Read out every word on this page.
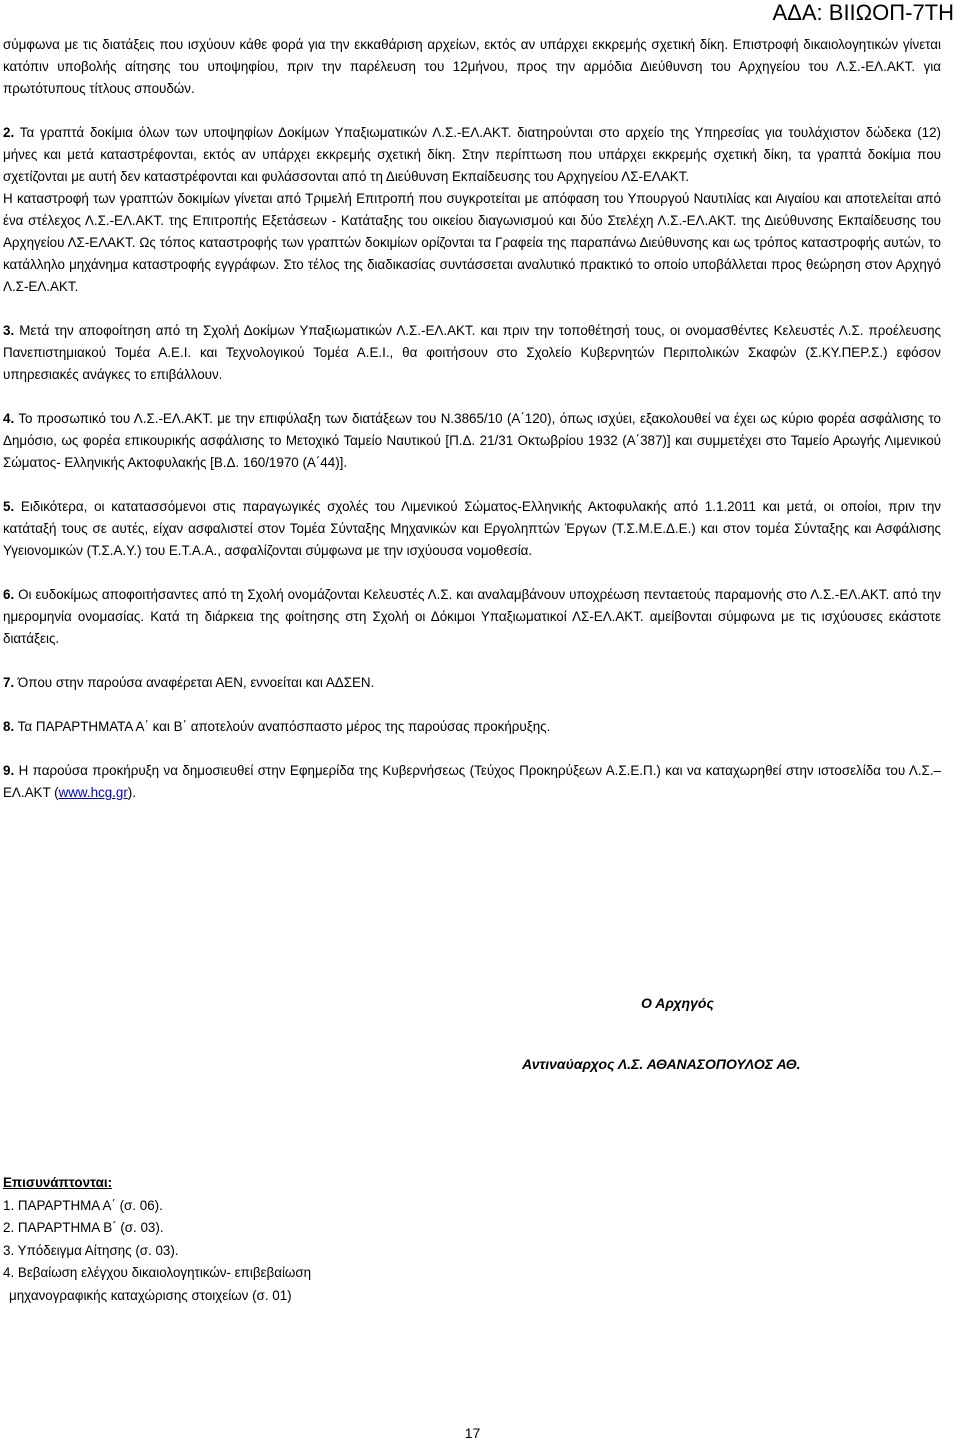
ΑΔΑ: ΒΙΙΩΟΠ-7ΤΗ

σύμφωνα με τις διατάξεις που ισχύουν κάθε φορά για την εκκαθάριση αρχείων, εκτός αν υπάρχει εκκρεμής σχετική δίκη. Επιστροφή δικαιολογητικών γίνεται κατόπιν υποβολής αίτησης του υποψηφίου, πριν την παρέλευση του 12μήνου, προς την αρμόδια Διεύθυνση του Αρχηγείου του Λ.Σ.-ΕΛ.ΑΚΤ. για πρωτότυπους τίτλους σπουδών.

2. Τα γραπτά δοκίμια όλων των υποψηφίων Δοκίμων Υπαξιωματικών Λ.Σ.-ΕΛ.ΑΚΤ. διατηρούνται στο αρχείο της Υπηρεσίας για τουλάχιστον δώδεκα (12) μήνες και μετά καταστρέφονται, εκτός αν υπάρχει εκκρεμής σχετική δίκη. Στην περίπτωση που υπάρχει εκκρεμής σχετική δίκη, τα γραπτά δοκίμια που σχετίζονται με αυτή δεν καταστρέφονται και φυλάσσονται από τη Διεύθυνση Εκπαίδευσης του Αρχηγείου ΛΣ-ΕΛΑΚΤ.

Η καταστροφή των γραπτών δοκιμίων γίνεται από Τριμελή Επιτροπή που συγκροτείται με απόφαση του Υπουργού Ναυτιλίας και Αιγαίου και αποτελείται από ένα στέλεχος Λ.Σ.-ΕΛ.ΑΚΤ. της Επιτροπής Εξετάσεων - Κατάταξης του οικείου διαγωνισμού και δύο Στελέχη Λ.Σ.-ΕΛ.ΑΚΤ. της Διεύθυνσης Εκπαίδευσης του Αρχηγείου ΛΣ-ΕΛΑΚΤ. Ως τόπος καταστροφής των γραπτών δοκιμίων ορίζονται τα Γραφεία της παραπάνω Διεύθυνσης και ως τρόπος καταστροφής αυτών, το κατάλληλο μηχάνημα καταστροφής εγγράφων. Στο τέλος της διαδικασίας συντάσσεται αναλυτικό πρακτικό το οποίο υποβάλλεται προς θεώρηση στον Αρχηγό Λ.Σ-ΕΛ.ΑΚΤ.

3. Μετά την αποφοίτηση από τη Σχολή Δοκίμων Υπαξιωματικών Λ.Σ.-ΕΛ.ΑΚΤ. και πριν την τοποθέτησή τους, οι ονομασθέντες Κελευστές Λ.Σ. προέλευσης Πανεπιστημιακού Τομέα Α.Ε.Ι. και Τεχνολογικού Τομέα Α.Ε.Ι., θα φοιτήσουν στο Σχολείο Κυβερνητών Περιπολικών Σκαφών (Σ.ΚΥ.ΠΕΡ.Σ.) εφόσον υπηρεσιακές ανάγκες το επιβάλλουν.

4. Το προσωπικό του Λ.Σ.-ΕΛ.ΑΚΤ. με την επιφύλαξη των διατάξεων του Ν.3865/10 (Α΄120), όπως ισχύει, εξακολουθεί να έχει ως κύριο φορέα ασφάλισης το Δημόσιο, ως φορέα επικουρικής ασφάλισης το Μετοχικό Ταμείο Ναυτικού [Π.Δ. 21/31 Οκτωβρίου 1932 (Α΄387)] και συμμετέχει στο Ταμείο Αρωγής Λιμενικού Σώματος- Ελληνικής Ακτοφυλακής [Β.Δ. 160/1970 (Α΄44)].

5. Ειδικότερα, οι κατατασσόμενοι στις παραγωγικές σχολές του Λιμενικού Σώματος-Ελληνικής Ακτοφυλακής από 1.1.2011 και μετά, οι οποίοι, πριν την κατάταξή τους σε αυτές, είχαν ασφαλιστεί στον Τομέα Σύνταξης Μηχανικών και Εργοληπτών Έργων (Τ.Σ.Μ.Ε.Δ.Ε.) και στον τομέα Σύνταξης και Ασφάλισης Υγειονομικών (Τ.Σ.Α.Υ.) του Ε.Τ.Α.Α., ασφαλίζονται σύμφωνα με την ισχύουσα νομοθεσία.

6. Οι ευδοκίμως αποφοιτήσαντες από τη Σχολή ονομάζονται Κελευστές Λ.Σ. και αναλαμβάνουν υποχρέωση πενταετούς παραμονής στο Λ.Σ.-ΕΛ.ΑΚΤ. από την ημερομηνία ονομασίας. Κατά τη διάρκεια της φοίτησης στη Σχολή οι Δόκιμοι Υπαξιωματικοί ΛΣ-ΕΛ.ΑΚΤ. αμείβονται σύμφωνα με τις ισχύουσες εκάστοτε διατάξεις.

7. Όπου στην παρούσα αναφέρεται ΑΕΝ, εννοείται και ΑΔΣΕΝ.

8. Τα ΠΑΡΑΡΤΗΜΑΤΑ Α΄ και Β΄ αποτελούν αναπόσπαστο μέρος της παρούσας προκήρυξης.

9. Η παρούσα προκήρυξη να δημοσιευθεί στην Εφημερίδα της Κυβερνήσεως (Τεύχος Προκηρύξεων Α.Σ.Ε.Π.) και να καταχωρηθεί στην ιστοσελίδα του Λ.Σ.– ΕΛ.ΑΚΤ (www.hcg.gr).

Ο Αρχηγός
Αντιναύαρχος Λ.Σ. ΑΘΑΝΑΣΟΠΟΥΛΟΣ ΑΘ.
Επισυνάπτονται:
1. ΠΑΡΑΡΤΗΜΑ Α΄ (σ. 06).
2. ΠΑΡΑΡΤΗΜΑ Β΄ (σ. 03).
3. Υπόδειγμα Αίτησης (σ. 03).
4. Βεβαίωση ελέγχου δικαιολογητικών- επιβεβαίωση
μηχανογραφικής καταχώρισης στοιχείων (σ. 01)
17
